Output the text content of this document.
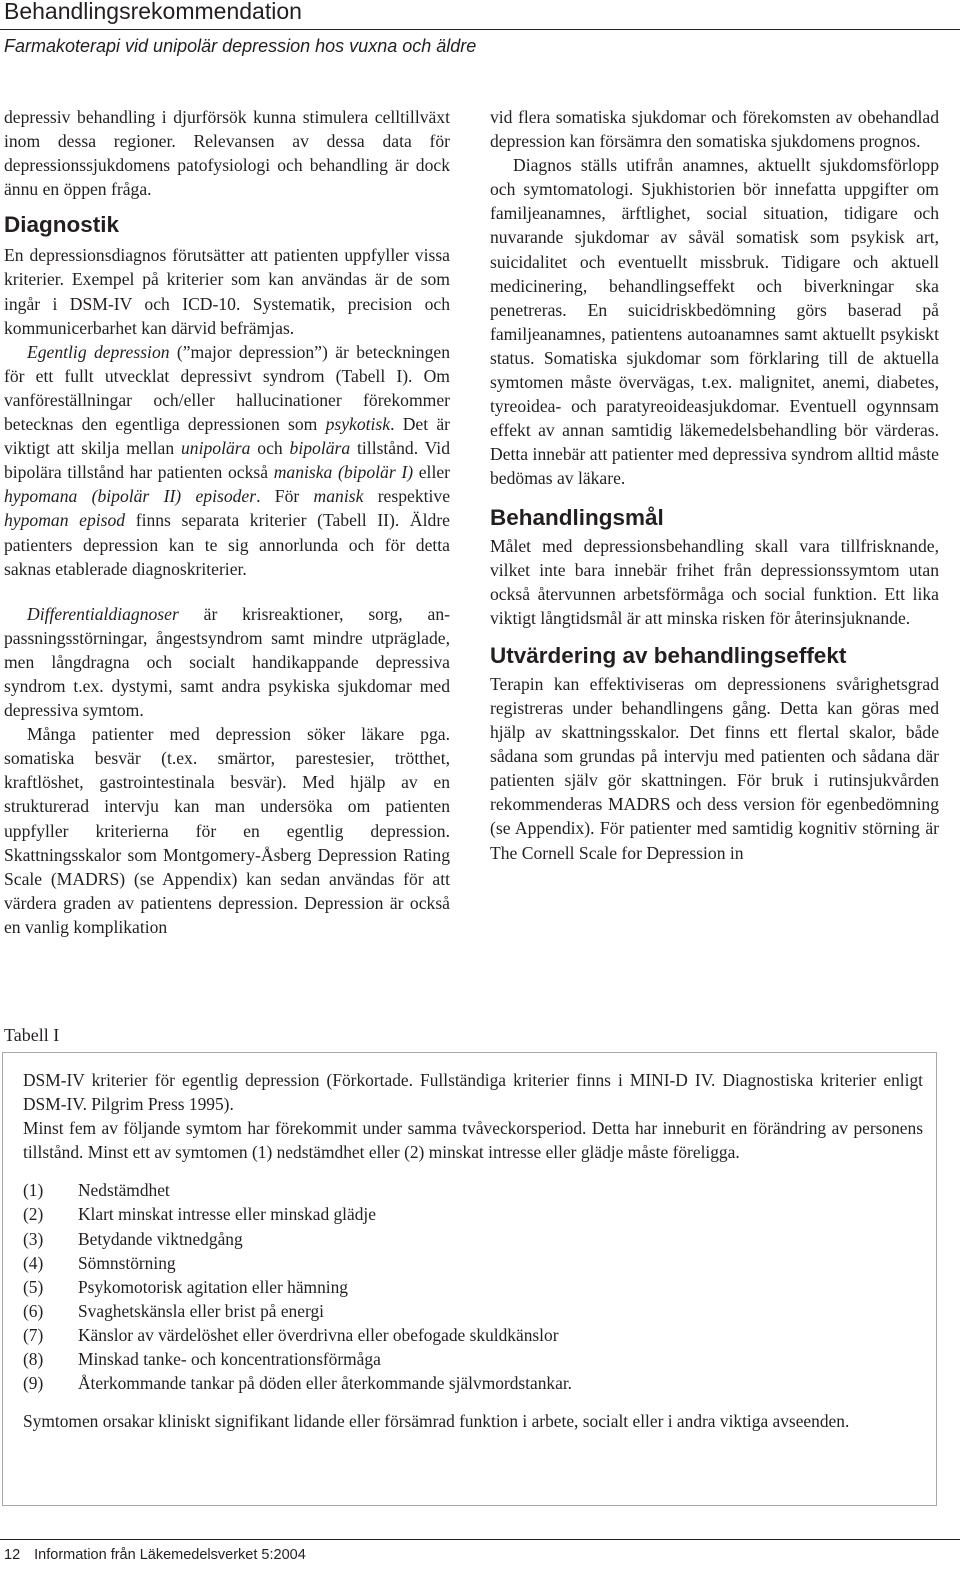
Behandlingsrekommendation
Farmakoterapi vid unipolär depression hos vuxna och äldre

depressiv behandling i djurförsök kunna stimulera celltillväxt inom dessa regioner. Relevansen av dessa data för depressionssjukdomens patofysiologi och behandling är dock ännu en öppen fråga.

Diagnostik

En depressionsdiagnos förutsätter att patienten uppfyller vissa kriterier. Exempel på kriterier som kan användas är de som ingår i DSM-IV och ICD-10. Systematik, precision och kommunicerbarhet kan därvid befrämjas.

Egentlig depression (”major depression”) är beteckningen för ett fullt utvecklat depressivt syndrom (Tabell I). Om vanföreställningar och/eller hallucinationer förekommer betecknas den egentliga depressionen som psykotisk. Det är viktigt att skilja mellan unipolära och bipolära tillstånd. Vid bipolära tillstånd har patienten också maniska (bipolär I) eller hypomana (bipolär II) episoder. För manisk respektive hypoman episod finns separata kriterier (Tabell II). Äldre patienters depression kan te sig annorlunda och för detta saknas etablerade diagnoskriterier.

Differentialdiagnoser är krisreaktioner, sorg, anpassningsstörningar, ångestsyndrom samt mindre utpräglade, men långdragna och socialt handikappande depressiva syndrom t.ex. dystymi, samt andra psykiska sjukdomar med depressiva symtom.

Många patienter med depression söker läkare pga. somatiska besvär (t.ex. smärtor, parestesier, trötthet, kraftlöshet, gastrointestinala besvär). Med hjälp av en strukturerad intervju kan man undersöka om patienten uppfyller kriterierna för en egentlig depression. Skattningsskalor som Montgomery-Åsberg Depression Rating Scale (MADRS) (se Appendix) kan sedan användas för att värdera graden av patientens depression. Depression är också en vanlig komplikation

vid flera somatiska sjukdomar och förekomsten av obehandlad depression kan försämra den somatiska sjukdomens prognos.

Diagnos ställs utifrån anamnes, aktuellt sjukdomsförlopp och symtomatologi. Sjukhistorien bör innefatta uppgifter om familjeanamnes, ärftlighet, social situation, tidigare och nuvarande sjukdomar av såväl somatisk som psykisk art, suicidalitet och eventuellt missbruk. Tidigare och aktuell medicinering, behandlingseffekt och biverkningar ska penetreras. En suicidriskbedömning görs baserad på familjeanamnes, patientens autoanamnes samt aktuellt psykiskt status. Somatiska sjukdomar som förklaring till de aktuella symtomen måste övervägas, t.ex. malignitet, anemi, diabetes, tyreoidea- och paratyreoideasjukdomar. Eventuell ogynnsam effekt av annan samtidig läkemedelsbehandling bör värderas. Detta innebär att patienter med depressiva syndrom alltid måste bedömas av läkare.

Behandlingsmål

Målet med depressionsbehandling skall vara tillfrisknande, vilket inte bara innebär frihet från depressionssymtom utan också återvunnen arbetsförmåga och social funktion. Ett lika viktigt långtidsmål är att minska risken för återinsjuknande.

Utvärdering av behandlingseffekt

Terapin kan effektiviseras om depressionens svårighetsgrad registreras under behandlingens gång. Detta kan göras med hjälp av skattningsskalor. Det finns ett flertal skalor, både sådana som grundas på intervju med patienten och sådana där patienten själv gör skattningen. För bruk i rutinsjukvården rekommenderas MADRS och dess version för egenbedömning (se Appendix). För patienter med samtidig kognitiv störning är The Cornell Scale for Depression in

Tabell I

DSM-IV kriterier för egentlig depression (Förkortade. Fullständiga kriterier finns i MINI-D IV. Diagnostiska kriterier enligt DSM-IV. Pilgrim Press 1995).

Minst fem av följande symtom har förekommit under samma tvåveckorsperiod. Detta har inneburit en förändring av personens tillstånd. Minst ett av symtomen (1) nedstämdhet eller (2) minskat intresse eller glädje måste föreligga.

(1)	Nedstämdhet
(2)	Klart minskat intresse eller minskad glädje
(3)	Betydande viktnedgång
(4)	Sömnstörning
(5)	Psykomotorisk agitation eller hämning
(6)	Svaghetskänsla eller brist på energi
(7)	Känslor av värdelöshet eller överdrivna eller obefogade skuldkänslor
(8)	Minskad tanke- och koncentrationsförmåga
(9)	Återkommande tankar på döden eller återkommande självmordstankar.

Symtomen orsakar kliniskt signifikant lidande eller försämrad funktion i arbete, socialt eller i andra viktiga avseenden.

12 Information från Läkemedelsverket 5:2004
